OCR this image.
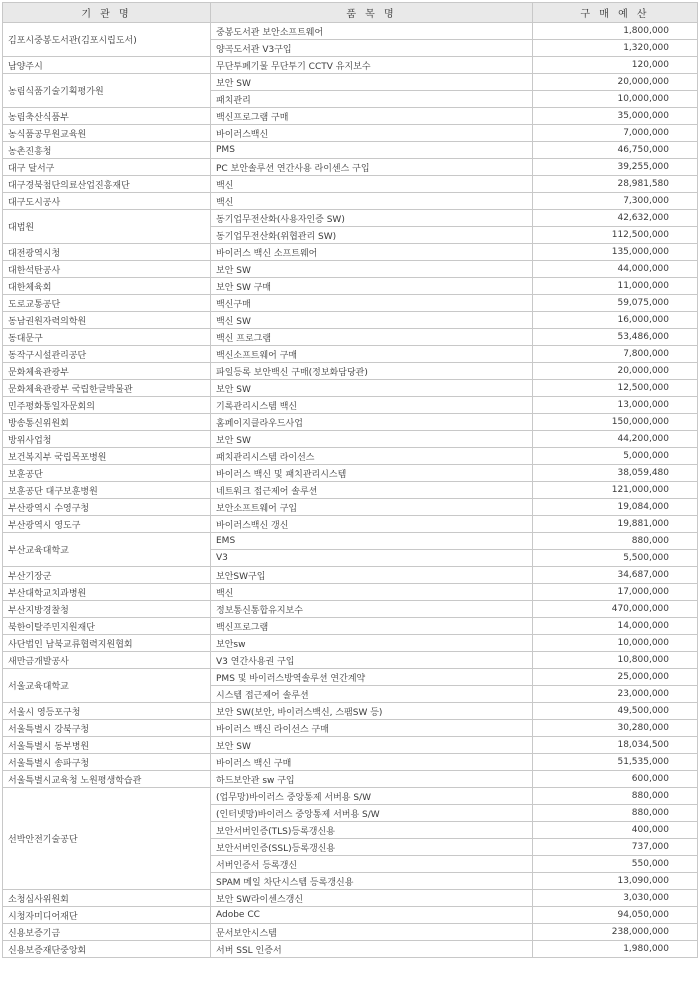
기 관 명	품 목 명	구 매 예 산
김포시중봉도서관(김포시립도서)	중봉도서관 보안소프트웨어	1,800,000
	양곡도서관 V3구입	1,320,000
남양주시	무단투폐기물 무단투기 CCTV 유지보수	120,000
농림식품기술기획평가원	보안 SW	20,000,000
	패치관리	10,000,000
농림축산식품부	백신프로그램 구매	35,000,000
농식품공무원교육원	바이러스백신	7,000,000
농촌진흥청	PMS	46,750,000
대구 달서구	PC 보안솔루션 연간사용 라이센스 구입	39,255,000
대구경북첨단의료산업진흥재단	백신	28,981,580
대구도시공사	백신	7,300,000
대법원	동기업무전산화(사용자인증 SW)	42,632,000
	동기업무전산화(위협관리 SW)	112,500,000
대전광역시청	바이러스 백신 소프트웨어	135,000,000
대한석탄공사	보안 SW	44,000,000
대한체육회	보안 SW 구매	11,000,000
도로교통공단	백신구매	59,075,000
동남권원자력의학원	백신 SW	16,000,000
동대문구	백신 프로그램	53,486,000
동작구시설관리공단	백신소프트웨어 구매	7,800,000
문화체육관광부	파일등록 보안백신 구매(정보화담당관)	20,000,000
문화체육관광부 국립한글박물관	보안 SW	12,500,000
민주평화통일자문회의	기록관리시스템 백신	13,000,000
방송통신위원회	홈페이지클라우드사업	150,000,000
방위사업청	보안 SW	44,200,000
보건복지부 국립목포병원	패치관리시스템 라이선스	5,000,000
보훈공단	바이러스 백신 및 패치관리시스템	38,059,480
보훈공단 대구보훈병원	네트워크 접근제어 솔루션	121,000,000
부산광역시 수영구청	보안소프트웨어 구입	19,084,000
부산광역시 영도구	바이러스백신 갱신	19,881,000
부산교육대학교	EMS	880,000
	V3	5,500,000
부산기장군	보안SW구입	34,687,000
부산대학교치과병원	백신	17,000,000
부산지방경찰청	정보통신통합유지보수	470,000,000
북한이탈주민지원재단	백신프로그램	14,000,000
사단법인 남북교류협력지원협회	보안sw	10,000,000
새만금개발공사	V3 연간사용권 구입	10,800,000
서울교육대학교	PMS 및 바이러스방역솔루션 연간계약	25,000,000
	시스템 접근제어 솔루션	23,000,000
서울시 영등포구청	보안 SW(보안, 바이러스백신, 스팸SW 등)	49,500,000
서울특별시 강북구청	바이러스 백신 라이선스 구매	30,280,000
서울특별시 동부병원	보안 SW	18,034,500
서울특별시 송파구청	바이러스 백신 구매	51,535,000
서울특별시교육청 노원평생학습관	하드보안관 sw 구입	600,000
선박안전기술공단	(업무망)바이러스 중앙통제 서버용 S/W	880,000
	(인터넷망)바이러스 중앙통제 서버용 S/W	880,000
	보안서버인증(TLS)등록갱신용	400,000
	보안서버인증(SSL)등록갱신용	737,000
	서버인증서 등록갱신	550,000
	SPAM 메일 차단시스템 등록갱신용	13,090,000
소청심사위원회	보안 SW라이센스갱신	3,030,000
시청자미디어재단	Adobe CC	94,050,000
신용보증기금	문서보안시스템	238,000,000
신용보증재단중앙회	서버 SSL 인증서	1,980,000
